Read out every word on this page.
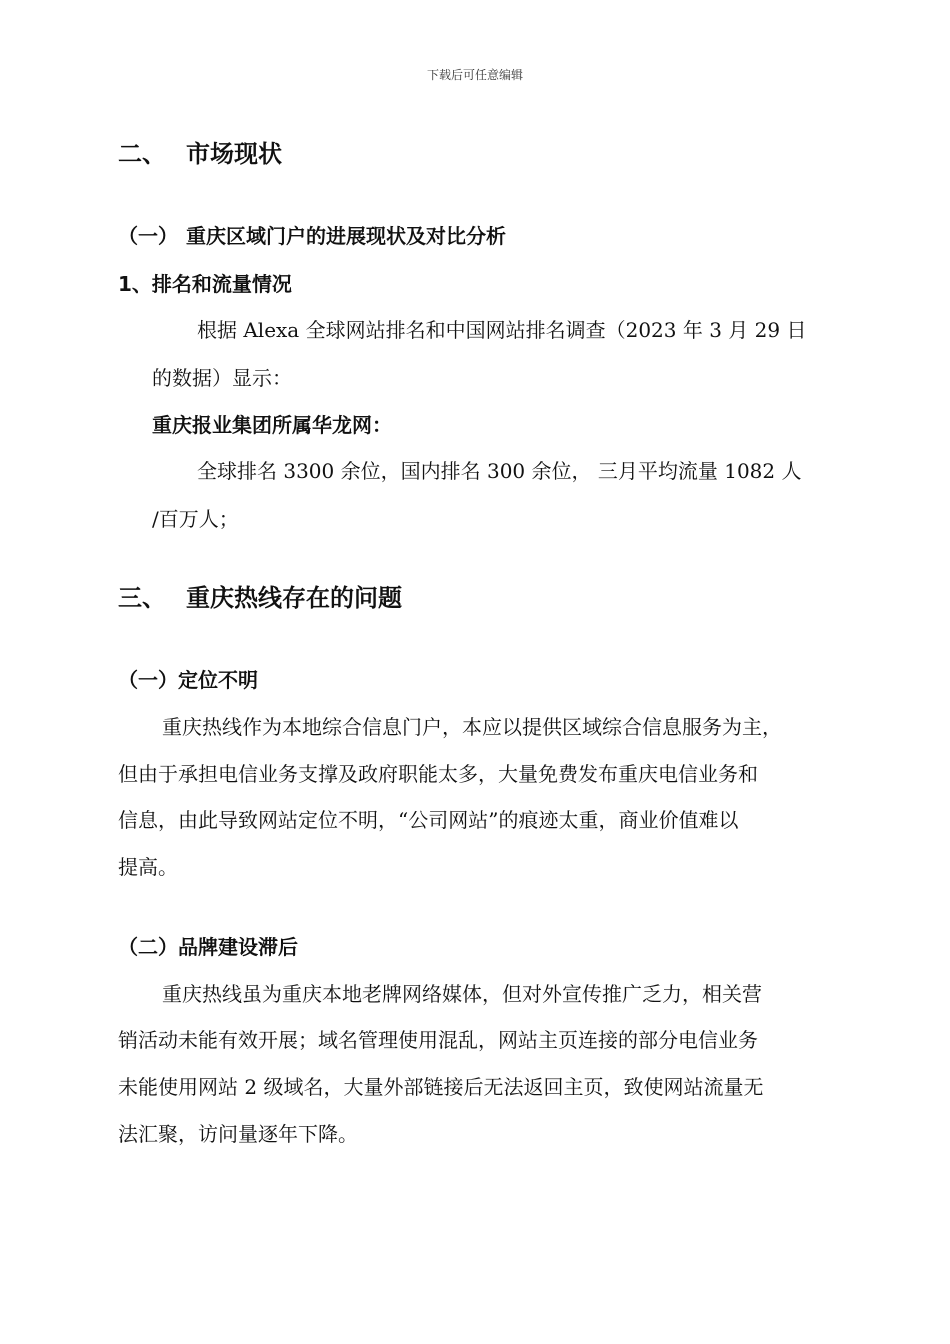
下载后可任意编辑
二、 市场现状
（一） 重庆区域门户的进展现状及对比分析
1、排名和流量情况
根据 Alexa 全球网站排名和中国网站排名调查（2023 年 3 月 29 日
的数据）显示：
重庆报业集团所属华龙网：
全球排名 3300 余位，国内排名 300 余位， 三月平均流量 1082 人
/百万人；
三、 重庆热线存在的问题
（一）定位不明
重庆热线作为本地综合信息门户，本应以提供区域综合信息服务为主，
但由于承担电信业务支撑及政府职能太多，大量免费发布重庆电信业务和
信息，由此导致网站定位不明，“公司网站”的痕迹太重，商业价值难以
提高。
（二）品牌建设滞后
重庆热线虽为重庆本地老牌网络媒体，但对外宣传推广乏力，相关营
销活动未能有效开展；域名管理使用混乱，网站主页连接的部分电信业务
未能使用网站 2 级域名，大量外部链接后无法返回主页，致使网站流量无
法汇聚，访问量逐年下降。
